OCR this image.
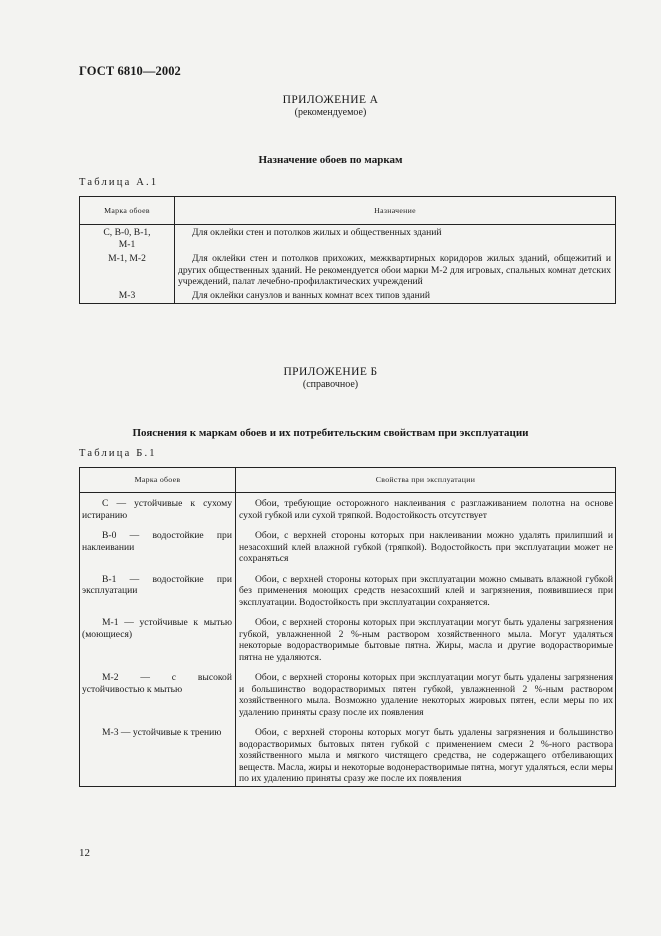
ГОСТ 6810—2002
ПРИЛОЖЕНИЕ А
(рекомендуемое)
Назначение обоев по маркам
Таблица А.1
Марка обоев	Назначение
С, В-0, В-1, М-1	Для оклейки стен и потолков жилых и общественных зданий

М-1, М-2	Для оклейки стен и потолков прихожих, межквартирных коридоров жилых зданий, общежитий и других общественных зданий. Не рекомендуется обои марки М-2 для игровых, спальных комнат детских учреждений, палат лечебно-профилактических учреждений

М-3	Для оклейки санузлов и ванных комнат всех типов зданий
ПРИЛОЖЕНИЕ Б
(справочное)
Пояснения к маркам обоев и их потребительским свойствам при эксплуатации
Таблица Б.1
Марка обоев	Свойства при эксплуатации
С — устойчивые к сухому истиранию	Обои, требующие осторожного наклеивания с разглаживанием полотна на основе сухой губкой или сухой тряпкой. Водостойкость отсутствует
В-0 — водостойкие при наклеивании	Обои, с верхней стороны которых при наклеивании можно удалять прилипший и незасохший клей влажной губкой (тряпкой). Водостойкость при эксплуатации может не сохраняться
В-1 — водостойкие при эксплуатации	Обои, с верхней стороны которых при эксплуатации можно смывать влажной губкой без применения моющих средств незасохший клей и загрязнения, появившиеся при эксплуатации. Водостойкость при эксплуатации сохраняется.
М-1 — устойчивые к мытью (моющиеся)	Обои, с верхней стороны которых при эксплуатации могут быть удалены загрязнения губкой, увлажненной 2 %-ным раствором хозяйственного мыла. Могут удаляться некоторые водорастворимые бытовые пятна. Жиры, масла и другие водорастворимые пятна не удаляются.
М-2 — с высокой устойчивостью к мытью	Обои, с верхней стороны которых при эксплуатации могут быть удалены загрязнения и большинство водорастворимых пятен губкой, увлажненной 2 %-ным раствором хозяйственного мыла. Возможно удаление некоторых жировых пятен, если меры по их удалению приняты сразу после их появления
М-3 — устойчивые к трению	Обои, с верхней стороны которых могут быть удалены загрязнения и большинство водорастворимых бытовых пятен губкой с применением смеси 2 %-ного раствора хозяйственного мыла и мягкого чистящего средства, не содержащего отбеливающих веществ. Масла, жиры и некоторые водонерастворимые пятна, могут удаляться, если меры по их удалению приняты сразу же после их появления
12
